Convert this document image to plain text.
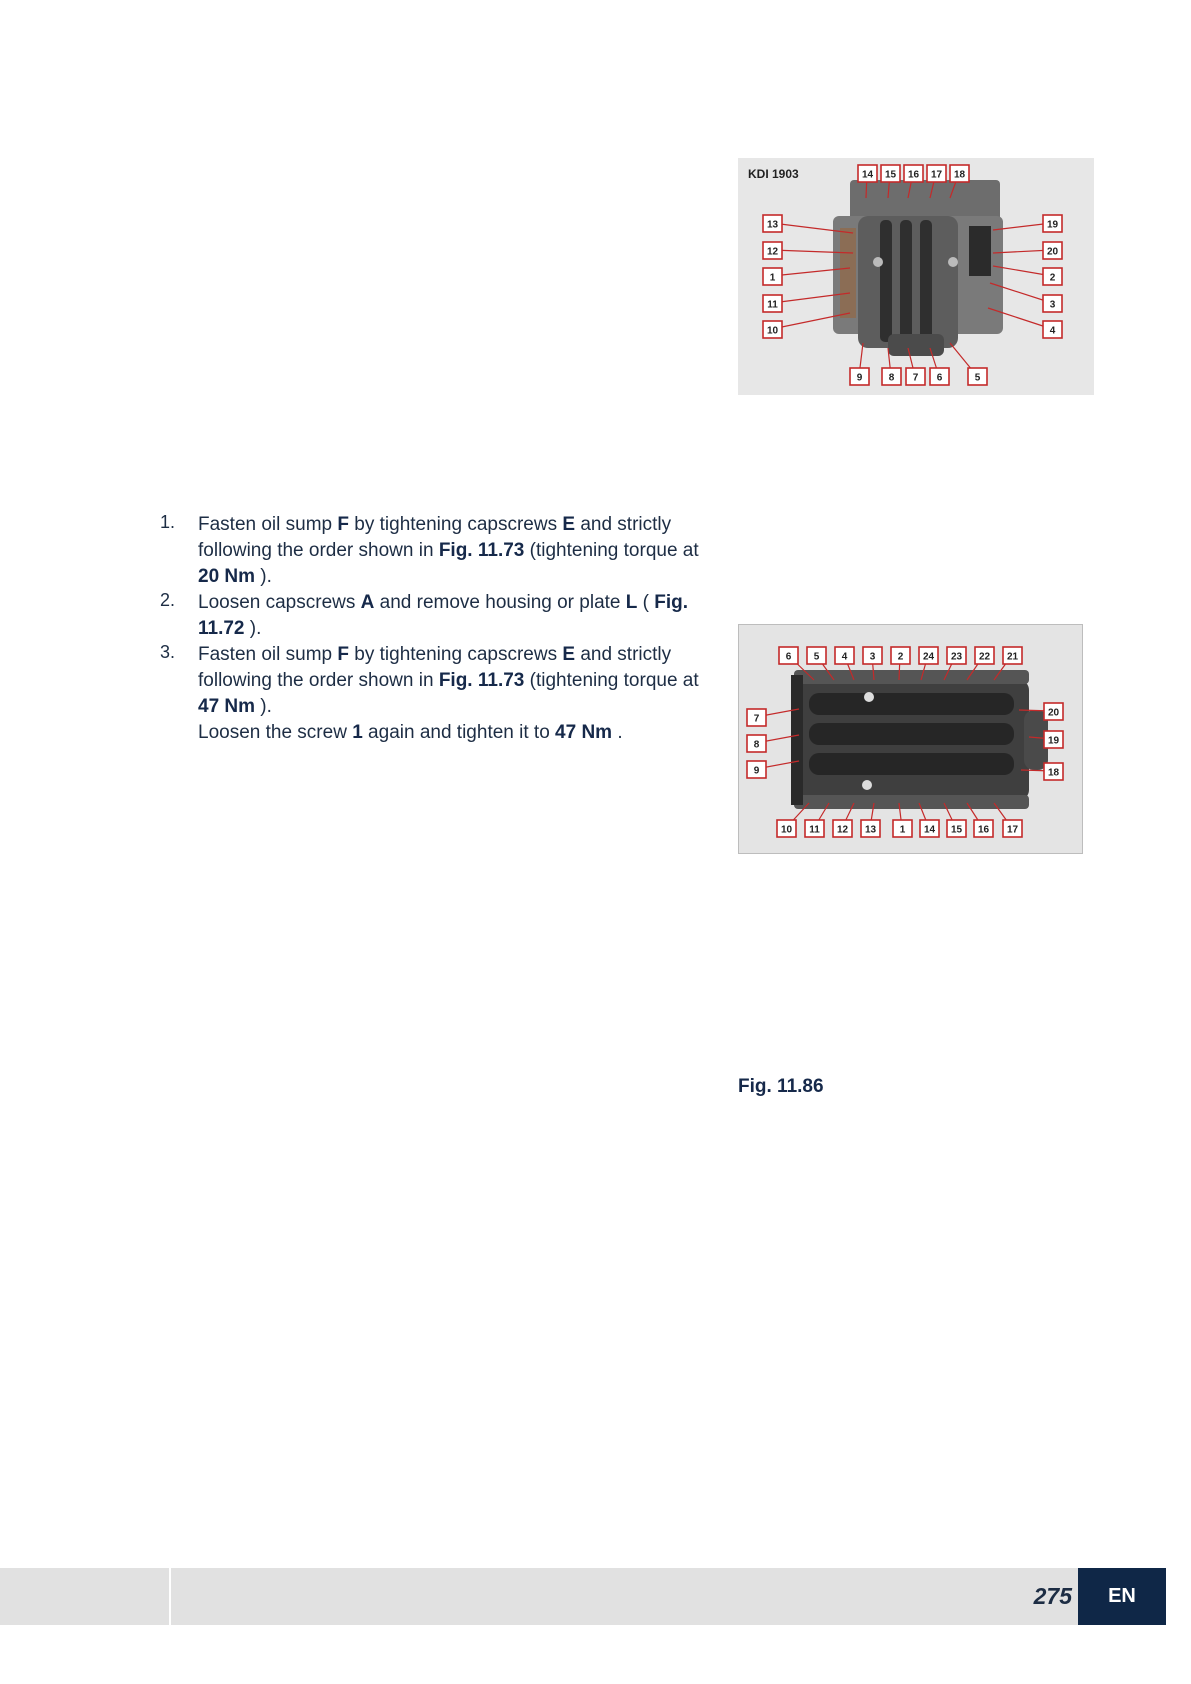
KDI 1903	14 15 16 17 18
13
12
1
11
10
19
20
2
3
4
9	8 7 6	5
1. Fasten oil sump F by tightening capscrews E and strictly following the order shown in Fig. 11.73 (tightening torque at 20 Nm ).
2. Loosen capscrews A and remove housing or plate L ( Fig. 11.72 ).
3. Fasten oil sump F by tightening capscrews E and strictly following the order shown in Fig. 11.73 (tightening torque at 47 Nm ).
Loosen the screw 1 again and tighten it to 47 Nm .
6 5 4 3 2 24 23 22 21
7
8
9
20
19
18
10 11 12 13 1 14 15 16 17
Fig. 11.86
275	EN
